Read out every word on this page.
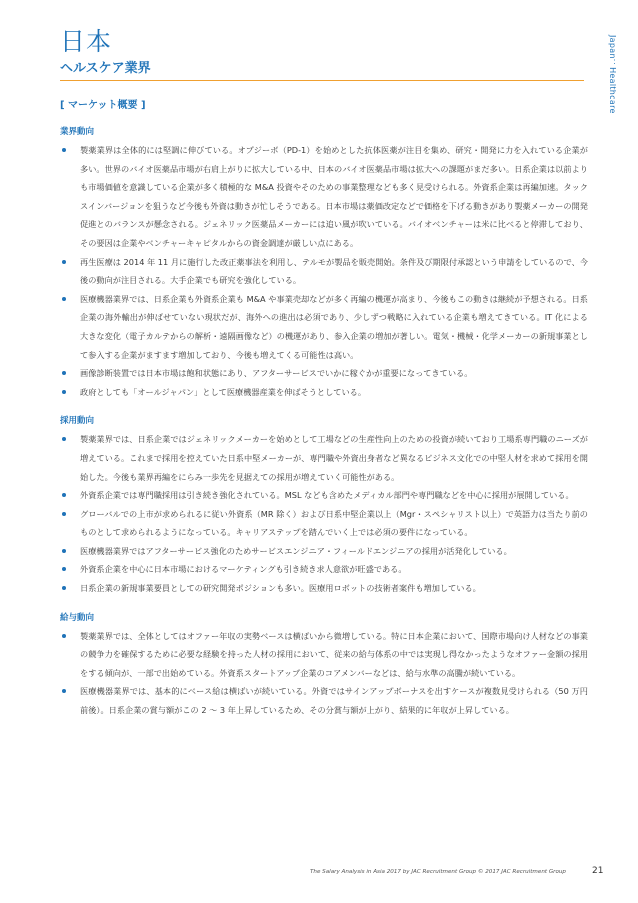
日本
ヘルスケア業界	Japan：Healthcare
[ マーケット概要 ]
業界動向
製薬業界は全体的には堅調に伸びている。オプジーボ（PD-1）を始めとした抗体医薬が注目を集め、研究・開発に力を入れている企業が多い。世界のバイオ医薬品市場が右肩上がりに拡大している中、日本のバイオ医薬品市場は拡大への課題がまだ多い。日系企業は以前よりも市場価値を意識している企業が多く積極的な M&A 投資やそのための事業整理なども多く見受けられる。外資系企業は再編加速。タックスインバージョンを狙うなど今後も外資は動きが忙しそうである。日本市場は薬価改定などで価格を下げる動きがあり製薬メーカーの開発促進とのバランスが懸念される。ジェネリック医薬品メーカーには追い風が吹いている。バイオベンチャーは米に比べると停滞しており、その要因は企業やベンチャーキャピタルからの資金調達が厳しい点にある。
再生医療は 2014 年 11 月に施行した改正薬事法を利用し、テルモが製品を販売開始。条件及び期限付承認という申請をしているので、今後の動向が注目される。大手企業でも研究を強化している。
医療機器業界では、日系企業も外資系企業も M&A や事業売却などが多く再編の機運が高まり、今後もこの動きは継続が予想される。日系企業の海外輸出が伸ばせていない現状だが、海外への進出は必須であり、少しずつ戦略に入れている企業も増えてきている。IT 化による大きな変化（電子カルテからの解析・遠隔画像など）の機運があり、参入企業の増加が著しい。電気・機械・化学メーカーの新規事業として参入する企業がますます増加しており、今後も増えてくる可能性は高い。
画像診断装置では日本市場は飽和状態にあり、アフターサービスでいかに稼ぐかが重要になってきている。
政府としても「オールジャパン」として医療機器産業を伸ばそうとしている。
採用動向
製薬業界では、日系企業ではジェネリックメーカーを始めとして工場などの生産性向上のための投資が続いており工場系専門職のニーズが増えている。これまで採用を控えていた日系中堅メーカーが、専門職や外資出身者など異なるビジネス文化での中堅人材を求めて採用を開始した。今後も業界再編をにらみ一歩先を見据えての採用が増えていく可能性がある。
外資系企業では専門職採用は引き続き強化されている。MSL なども含めたメディカル部門や専門職などを中心に採用が展開している。
グローバルでの上市が求められるに従い外資系（MR 除く）および日系中堅企業以上（Mgr・スペシャリスト以上）で英語力は当たり前のものとして求められるようになっている。キャリアステップを踏んでいく上では必須の要件になっている。
医療機器業界ではアフターサービス強化のためサービスエンジニア・フィールドエンジニアの採用が活発化している。
外資系企業を中心に日本市場におけるマーケティングも引き続き求人意欲が旺盛である。
日系企業の新規事業要員としての研究開発ポジションも多い。医療用ロボットの技術者案件も増加している。
給与動向
製薬業界では、全体としてはオファー年収の実勢ベースは横ばいから微増している。特に日本企業において、国際市場向け人材などの事業の競争力を確保するために必要な経験を持った人材の採用において、従来の給与体系の中では実現し得なかったようなオファー金額の採用をする傾向が、一部で出始めている。外資系スタートアップ企業のコアメンバーなどは、給与水準の高騰が続いている。
医療機器業界では、基本的にベース給は横ばいが続いている。外資ではサインアップボーナスを出すケースが複数見受けられる（50 万円前後）。日系企業の賞与額がこの 2 〜 3 年上昇しているため、その分賞与額が上がり、結果的に年収が上昇している。
The Salary Analysis in Asia 2017 by JAC Recruitment Group © 2017 JAC Recruitment Group	21
